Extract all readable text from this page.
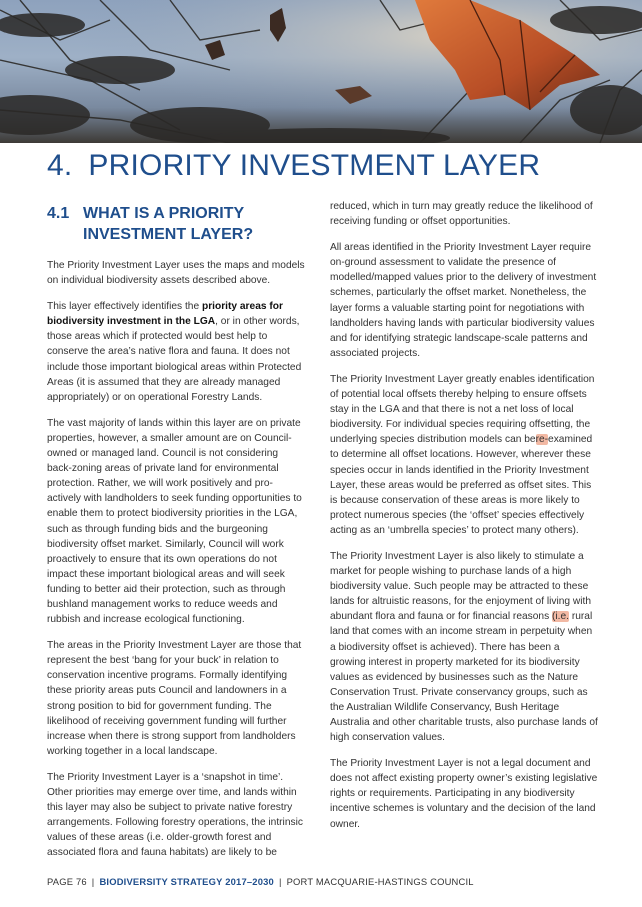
4. PRIORITY INVESTMENT LAYER
4.1 WHAT IS A PRIORITY INVESTMENT LAYER?

The Priority Investment Layer uses the maps and models on individual biodiversity assets described above.

This layer effectively identifies the priority areas for biodiversity investment in the LGA, or in other words, those areas which if protected would best help to conserve the area’s native flora and fauna. It does not include those important biological areas within Protected Areas (it is assumed that they are already managed appropriately) or on operational Forestry Lands.

The vast majority of lands within this layer are on private properties, however, a smaller amount are on Council-owned or managed land. Council is not considering back-zoning areas of private land for environmental protection. Rather, we will work positively and pro-actively with landholders to seek funding opportunities to enable them to protect biodiversity priorities in the LGA, such as through funding bids and the burgeoning biodiversity offset market. Similarly, Council will work proactively to ensure that its own operations do not impact these important biological areas and will seek funding to better aid their protection, such as through bushland management works to reduce weeds and rubbish and increase ecological functioning.

The areas in the Priority Investment Layer are those that represent the best ‘bang for your buck’ in relation to conservation incentive programs. Formally identifying these priority areas puts Council and landowners in a strong position to bid for government funding. The likelihood of receiving government funding will further increase when there is strong support from landholders working together in a local landscape.

The Priority Investment Layer is a ‘snapshot in time’. Other priorities may emerge over time, and lands within this layer may also be subject to private native forestry arrangements. Following forestry operations, the intrinsic values of these areas (i.e. older-growth forest and associated flora and fauna habitats) are likely to be

reduced, which in turn may greatly reduce the likelihood of receiving funding or offset opportunities.

All areas identified in the Priority Investment Layer require on-ground assessment to validate the presence of modelled/mapped values prior to the delivery of investment schemes, particularly the offset market. Nonetheless, the layer forms a valuable starting point for negotiations with landholders having lands with particular biodiversity values and for identifying strategic landscape-scale patterns and associated projects.

The Priority Investment Layer greatly enables identification of potential local offsets thereby helping to ensure offsets stay in the LGA and that there is not a net loss of local biodiversity. For individual species requiring offsetting, the underlying species distribution models can bere-examined to determine all offset locations. However, wherever these species occur in lands identified in the Priority Investment Layer, these areas would be preferred as offset sites. This is because conservation of these areas is more likely to protect numerous species (the ‘offset’ species effectively acting as an ‘umbrella species’ to protect many others).

The Priority Investment Layer is also likely to stimulate a market for people wishing to purchase lands of a high biodiversity value. Such people may be attracted to these lands for altruistic reasons, for the enjoyment of living with abundant flora and fauna or for financial reasons (i.e. rural land that comes with an income stream in perpetuity when a biodiversity offset is achieved). There has been a growing interest in property marketed for its biodiversity values as evidenced by businesses such as the Nature Conservation Trust. Private conservancy groups, such as the Australian Wildlife Conservancy, Bush Heritage Australia and other charitable trusts, also purchase lands of high conservation values.

The Priority Investment Layer is not a legal document and does not affect existing property owner’s existing legislative rights or requirements. Participating in any biodiversity incentive schemes is voluntary and the decision of the land owner.

PAGE 76 | BIODIVERSITY STRATEGY 2017–2030 | PORT MACQUARIE-HASTINGS COUNCIL
